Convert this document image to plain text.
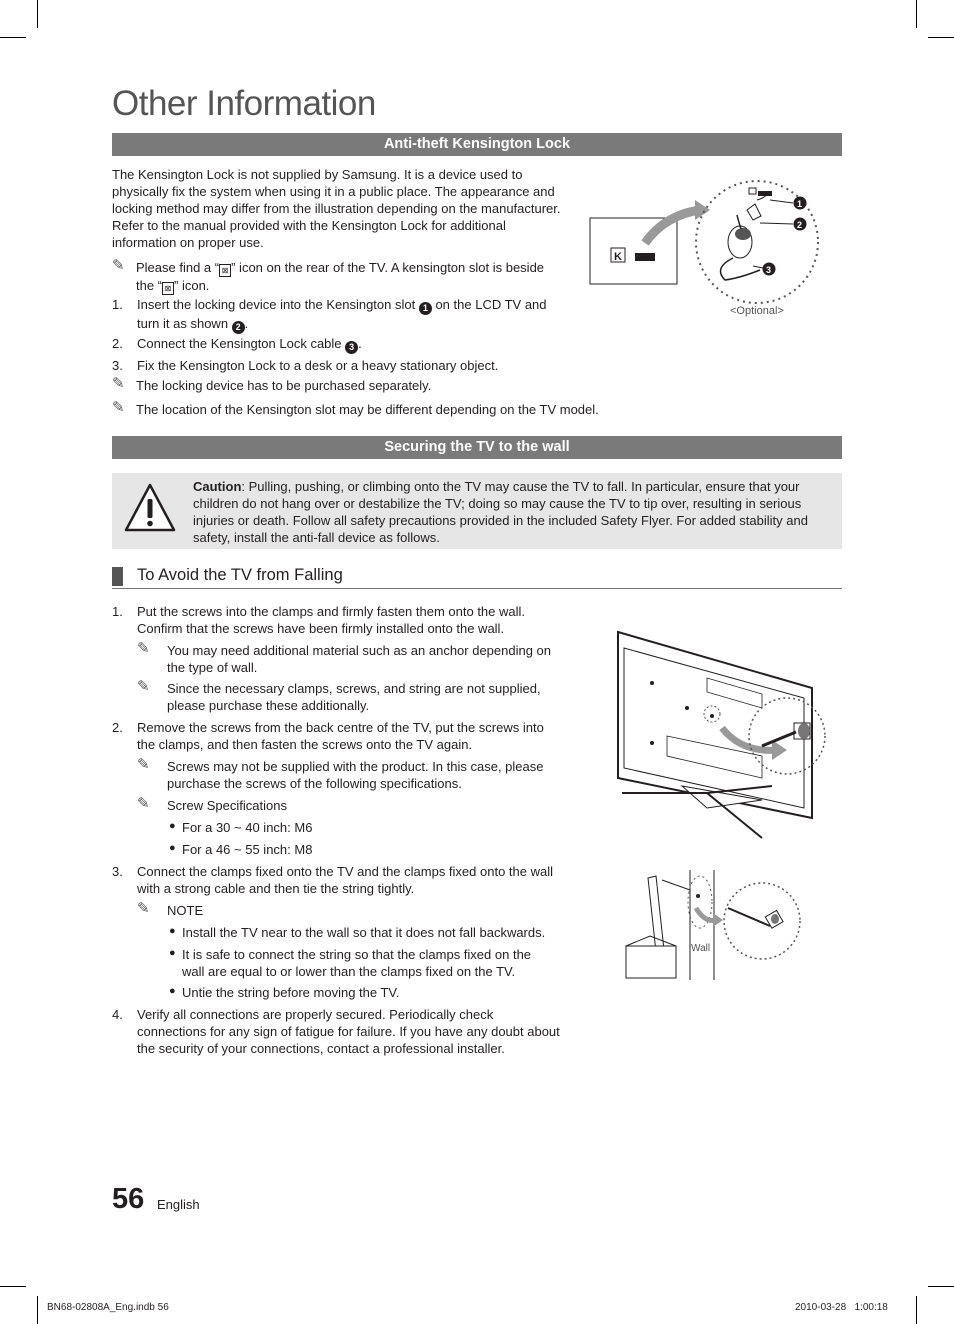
Other Information
Anti-theft Kensington Lock
The Kensington Lock is not supplied by Samsung. It is a device used to
physically fix the system when using it in a public place. The appearance and
locking method may differ from the illustration depending on the manufacturer.
Refer to the manual provided with the Kensington Lock for additional
information on proper use.
✎ Please find a “ ⊠ ” icon on the rear of the TV. A kensington slot is beside
the “ ⊠ ” icon.
1. Insert the locking device into the Kensington slot 1 on the LCD TV and
turn it as shown 2 .
2. Connect the Kensington Lock cable 3 .
3. Fix the Kensington Lock to a desk or a heavy stationary object.
✎ The locking device has to be purchased separately.
✎ The location of the Kensington slot may be different depending on the TV model.
K
1
2
3
<Optional>
Securing the TV to the wall
Caution: Pulling, pushing, or climbing onto the TV may cause the TV to fall. In particular, ensure that your
children do not hang over or destabilize the TV; doing so may cause the TV to tip over, resulting in serious
injuries or death. Follow all safety precautions provided in the included Safety Flyer. For added stability and
safety, install the anti-fall device as follows.
To Avoid the TV from Falling
1. Put the screws into the clamps and firmly fasten them onto the wall.
Confirm that the screws have been firmly installed onto the wall.
✎ You may need additional material such as an anchor depending on
the type of wall.
✎ Since the necessary clamps, screws, and string are not supplied,
please purchase these additionally.
2. Remove the screws from the back centre of the TV, put the screws into
the clamps, and then fasten the screws onto the TV again.
✎ Screws may not be supplied with the product. In this case, please
purchase the screws of the following specifications.
✎ Screw Specifications
● For a 30 ~ 40 inch: M6
● For a 46 ~ 55 inch: M8
3. Connect the clamps fixed onto the TV and the clamps fixed onto the wall
with a strong cable and then tie the string tightly.
✎ NOTE
● Install the TV near to the wall so that it does not fall backwards.
● It is safe to connect the string so that the clamps fixed on the
wall are equal to or lower than the clamps fixed on the TV.
● Untie the string before moving the TV.
4. Verify all connections are properly secured. Periodically check
connections for any sign of fatigue for failure. If you have any doubt about
the security of your connections, contact a professional installer.
Wall
56 English
BN68-02808A_Eng.indb 56	2010-03-28   1:00:18
